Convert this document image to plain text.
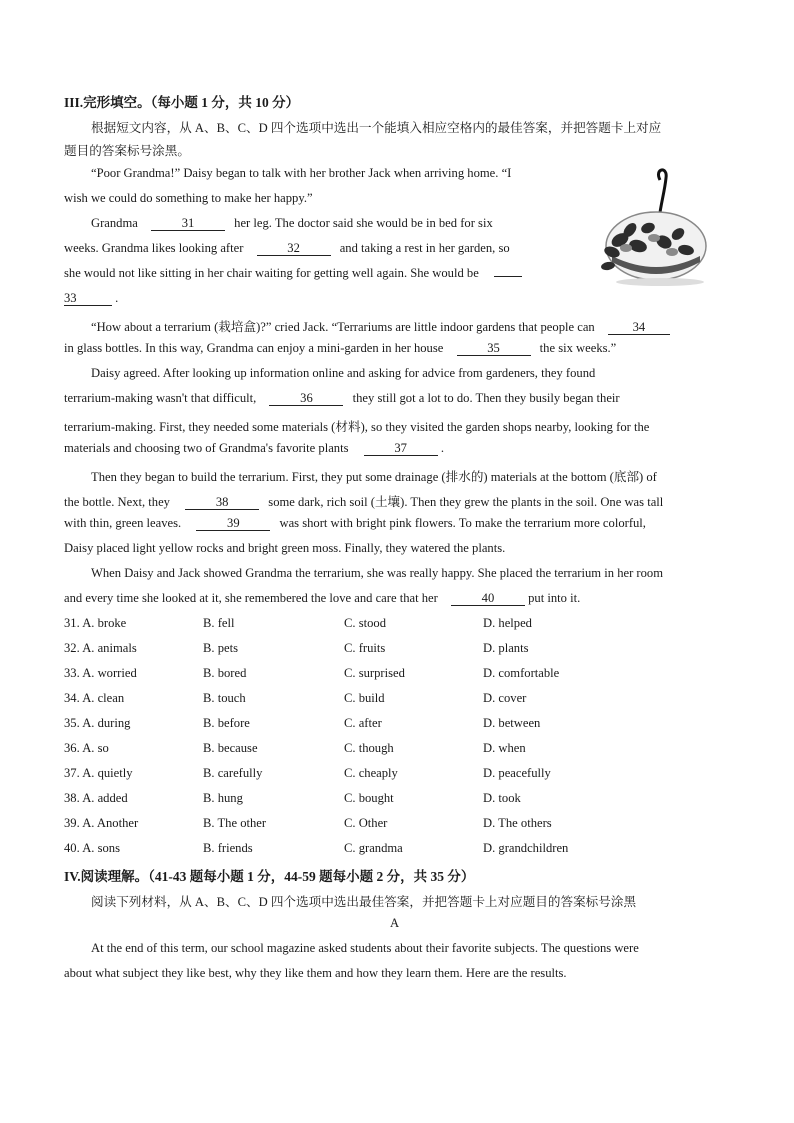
III.完形填空。（每小题 1 分，共 10 分）
根据短文内容，从 A、B、C、D 四个选项中选出一个能填入相应空格内的最佳答案，并把答题卡上对应
题目的答案标号涂黑。
“Poor Grandma!” Daisy began to talk with her brother Jack when arriving home. “I
wish we could do something to make her happy.”
Grandma	31	her leg. The doctor said she would be in bed for six
weeks. Grandma likes looking after	32	and taking a rest in her garden, so
she would not like sitting in her chair waiting for getting well again. She would be
33	.
“How about a terrarium (栽培盒)?” cried Jack. “Terrariums are little indoor gardens that people can	34
in glass bottles. In this way, Grandma can enjoy a mini-garden in her house	35	the six weeks.”
Daisy agreed. After looking up information online and asking for advice from gardeners, they found
terrarium-making wasn't that difficult,	36	they still got a lot to do. Then they busily began their
terrarium-making. First, they needed some materials (材料), so they visited the garden shops nearby, looking for the
materials and choosing two of Grandma's favorite plants	37	.
Then they began to build the terrarium. First, they put some drainage (排水的) materials at the bottom (底部) of
the bottle. Next, they	38	some dark, rich soil (土壤). Then they grew the plants in the soil. One was tall
with thin, green leaves.	39	was short with bright pink flowers. To make the terrarium more colorful,
Daisy placed light yellow rocks and bright green moss. Finally, they watered the plants.
When Daisy and Jack showed Grandma the terrarium, she was really happy. She placed the terrarium in her room
and every time she looked at it, she remembered the love and care that her	40	put into it.
31. A. broke	B. fell	C. stood	D. helped
32. A. animals	B. pets	C. fruits	D. plants
33. A. worried	B. bored	C. surprised	D. comfortable
34. A. clean	B. touch	C. build	D. cover
35. A. during	B. before	C. after	D. between
36. A. so	B. because	C. though	D. when
37. A. quietly	B. carefully	C. cheaply	D. peacefully
38. A. added	B. hung	C. bought	D. took
39. A. Another	B. The other	C. Other	D. The others
40. A. sons	B. friends	C. grandma	D. grandchildren
IV.阅读理解。（41-43 题每小题 1 分，44-59 题每小题 2 分，共 35 分）
阅读下列材料，从 A、B、C、D 四个选项中选出最佳答案，并把答题卡上对应题目的答案标号涂黑
A
At the end of this term, our school magazine asked students about their favorite subjects. The questions were
about what subject they like best, why they like them and how they learn them. Here are the results.
